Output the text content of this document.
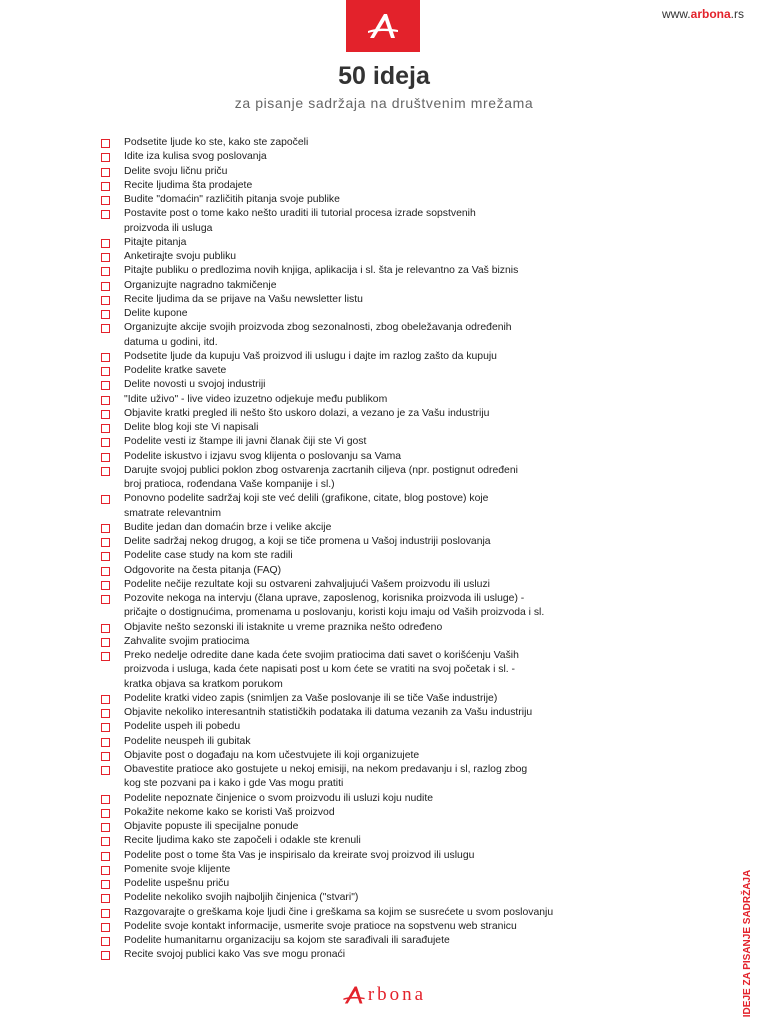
www.arbona.rs
50 ideja
za pisanje sadržaja na društvenim mrežama
Podsetite ljude ko ste, kako ste započeli
Idite iza kulisa svog poslovanja
Delite svoju ličnu priču
Recite ljudima šta prodajete
Budite "domaćin" različitih pitanja svoje publike
Postavite post o tome kako nešto uraditi ili tutorial procesa izrade sopstvenih
proizvoda ili usluga
Pitajte pitanja
Anketirajte svoju publiku
Pitajte publiku o predlozima novih knjiga, aplikacija i sl. šta je relevantno za Vaš biznis
Organizujte nagradno takmičenje
Recite ljudima da se prijave na Vašu newsletter listu
Delite kupone
Organizujte akcije svojih proizvoda zbog sezonalnosti, zbog obeležavanja određenih
datuma u godini, itd.
Podsetite ljude da kupuju Vaš proizvod ili uslugu i dajte im razlog zašto da kupuju
Podelite kratke savete
Delite novosti u svojoj industriji
"Idite uživo" - live video izuzetno odjekuje među publikom
Objavite kratki pregled ili nešto što uskoro dolazi, a vezano je za Vašu industriju
Delite blog koji ste Vi napisali
Podelite vesti iz štampe ili javni članak čiji ste Vi gost
Podelite iskustvo i izjavu svog klijenta o poslovanju sa Vama
Darujte svojoj publici poklon zbog ostvarenja zacrtanih ciljeva (npr. postignut određeni
broj pratioca, rođendana Vaše kompanije i sl.)
Ponovno podelite sadržaj koji ste već delili (grafikone, citate, blog postove) koje
smatrate relevantnim
Budite jedan dan domaćin brze i velike akcije
Delite sadržaj nekog drugog, a koji se tiče promena u Vašoj industriji poslovanja
Podelite case study na kom ste radili
Odgovorite na česta pitanja (FAQ)
Podelite nečije rezultate koji su ostvareni zahvaljujući Vašem proizvodu ili usluzi
Pozovite nekoga na intervju (člana uprave, zaposlenog, korisnika proizvoda ili usluge) -
pričajte o dostignućima, promenama u poslovanju, koristi koju imaju od Vaših proizvoda i sl.
Objavite nešto sezonski ili istaknite u vreme praznika nešto određeno
Zahvalite svojim pratiocima
Preko nedelje odredite dane kada ćete svojim pratiocima dati savet o korišćenju Vaših
proizvoda i usluga, kada ćete napisati post u kom ćete se vratiti na svoj početak i sl. -
kratka objava sa kratkom porukom
Podelite kratki video zapis (snimljen za Vaše poslovanje ili se tiče Vaše industrije)
Objavite nekoliko interesantnih statističkih podataka ili datuma vezanih za Vašu industriju
Podelite uspeh ili pobedu
Podelite neuspeh ili gubitak
Objavite post o događaju na kom učestvujete ili koji organizujete
Obavestite pratioce ako gostujete u nekoj emisiji, na nekom predavanju i sl, razlog zbog
kog ste pozvani pa i kako i gde Vas mogu pratiti
Podelite nepoznate činjenice o svom proizvodu ili usluzi koju nudite
Pokažite nekome kako se koristi Vaš proizvod
Objavite popuste ili specijalne ponude
Recite ljudima kako ste započeli i odakle ste krenuli
Podelite post o tome šta Vas je inspirisalo da kreirate svoj proizvod ili uslugu
Pomenite svoje klijente
Podelite uspešnu priču
Podelite nekoliko svojih najboljih činjenica ("stvari")
Razgovarajte o greškama koje ljudi čine i greškama sa kojim se susrećete u svom poslovanju
Podelite svoje kontakt informacije, usmerite svoje pratioce na sopstvenu web stranicu
Podelite humanitarnu organizaciju sa kojom ste sarađivali ili sarađujete
Recite svojoj publici kako Vas sve mogu pronaći	IDEJE ZA PISANJE SADRŽAJA
rbona
